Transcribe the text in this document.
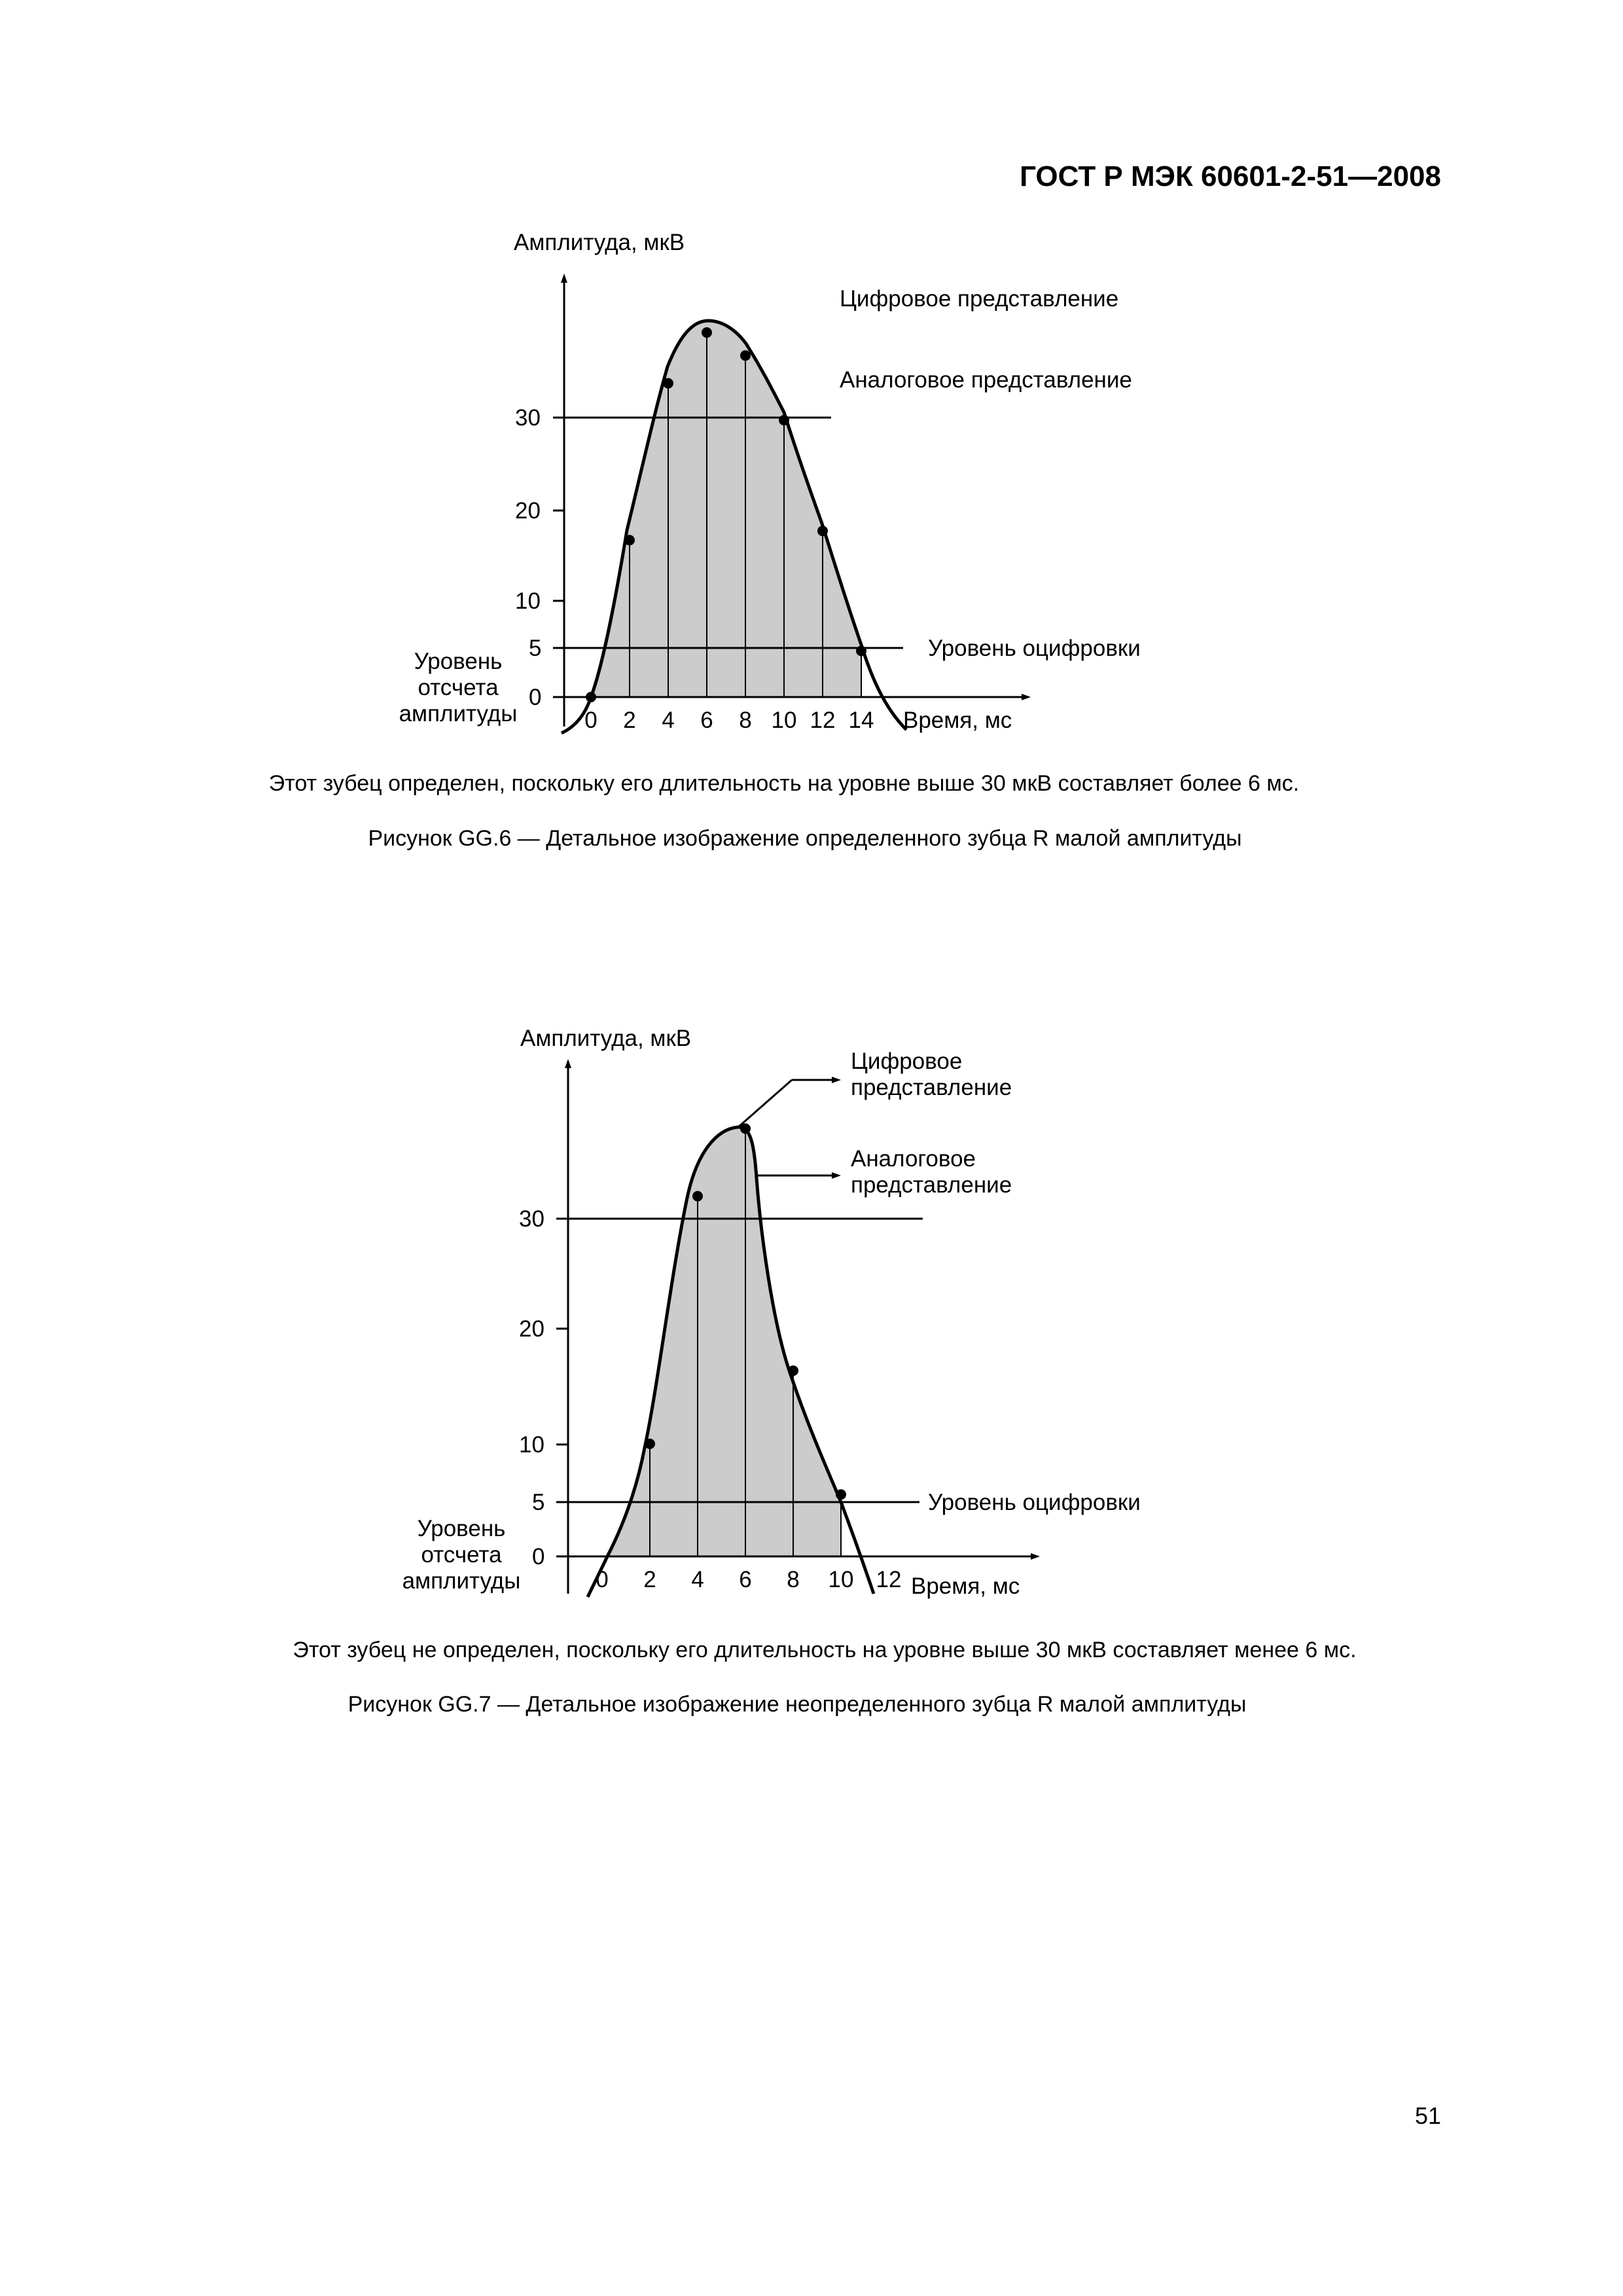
ГОСТ Р МЭК 60601-2-51—2008
Амплитуда, мкВ
30
20
10
5
0
Уровень
отсчета
амплитуды	0 2 4 6 8 10 12 14 Время, мс
Уровень оцифровки
Цифровое представление
Аналоговое представление
Этот зубец определен, поскольку его длительность на уровне выше 30 мкВ составляет более 6 мс.
Рисунок GG.6 — Детальное изображение определенного зубца R малой амплитуды
Амплитуда, мкВ
30
20
10
5
0
Уровень
отсчета
амплитуды	0 2 4 6 8 10 12 Время, мс
Уровень оцифровки
Цифровое
представление
Аналоговое
представление
Этот зубец не определен, поскольку его длительность на уровне выше 30 мкВ составляет менее 6 мс.
Рисунок GG.7 — Детальное изображение неопределенного зубца R малой амплитуды
51
